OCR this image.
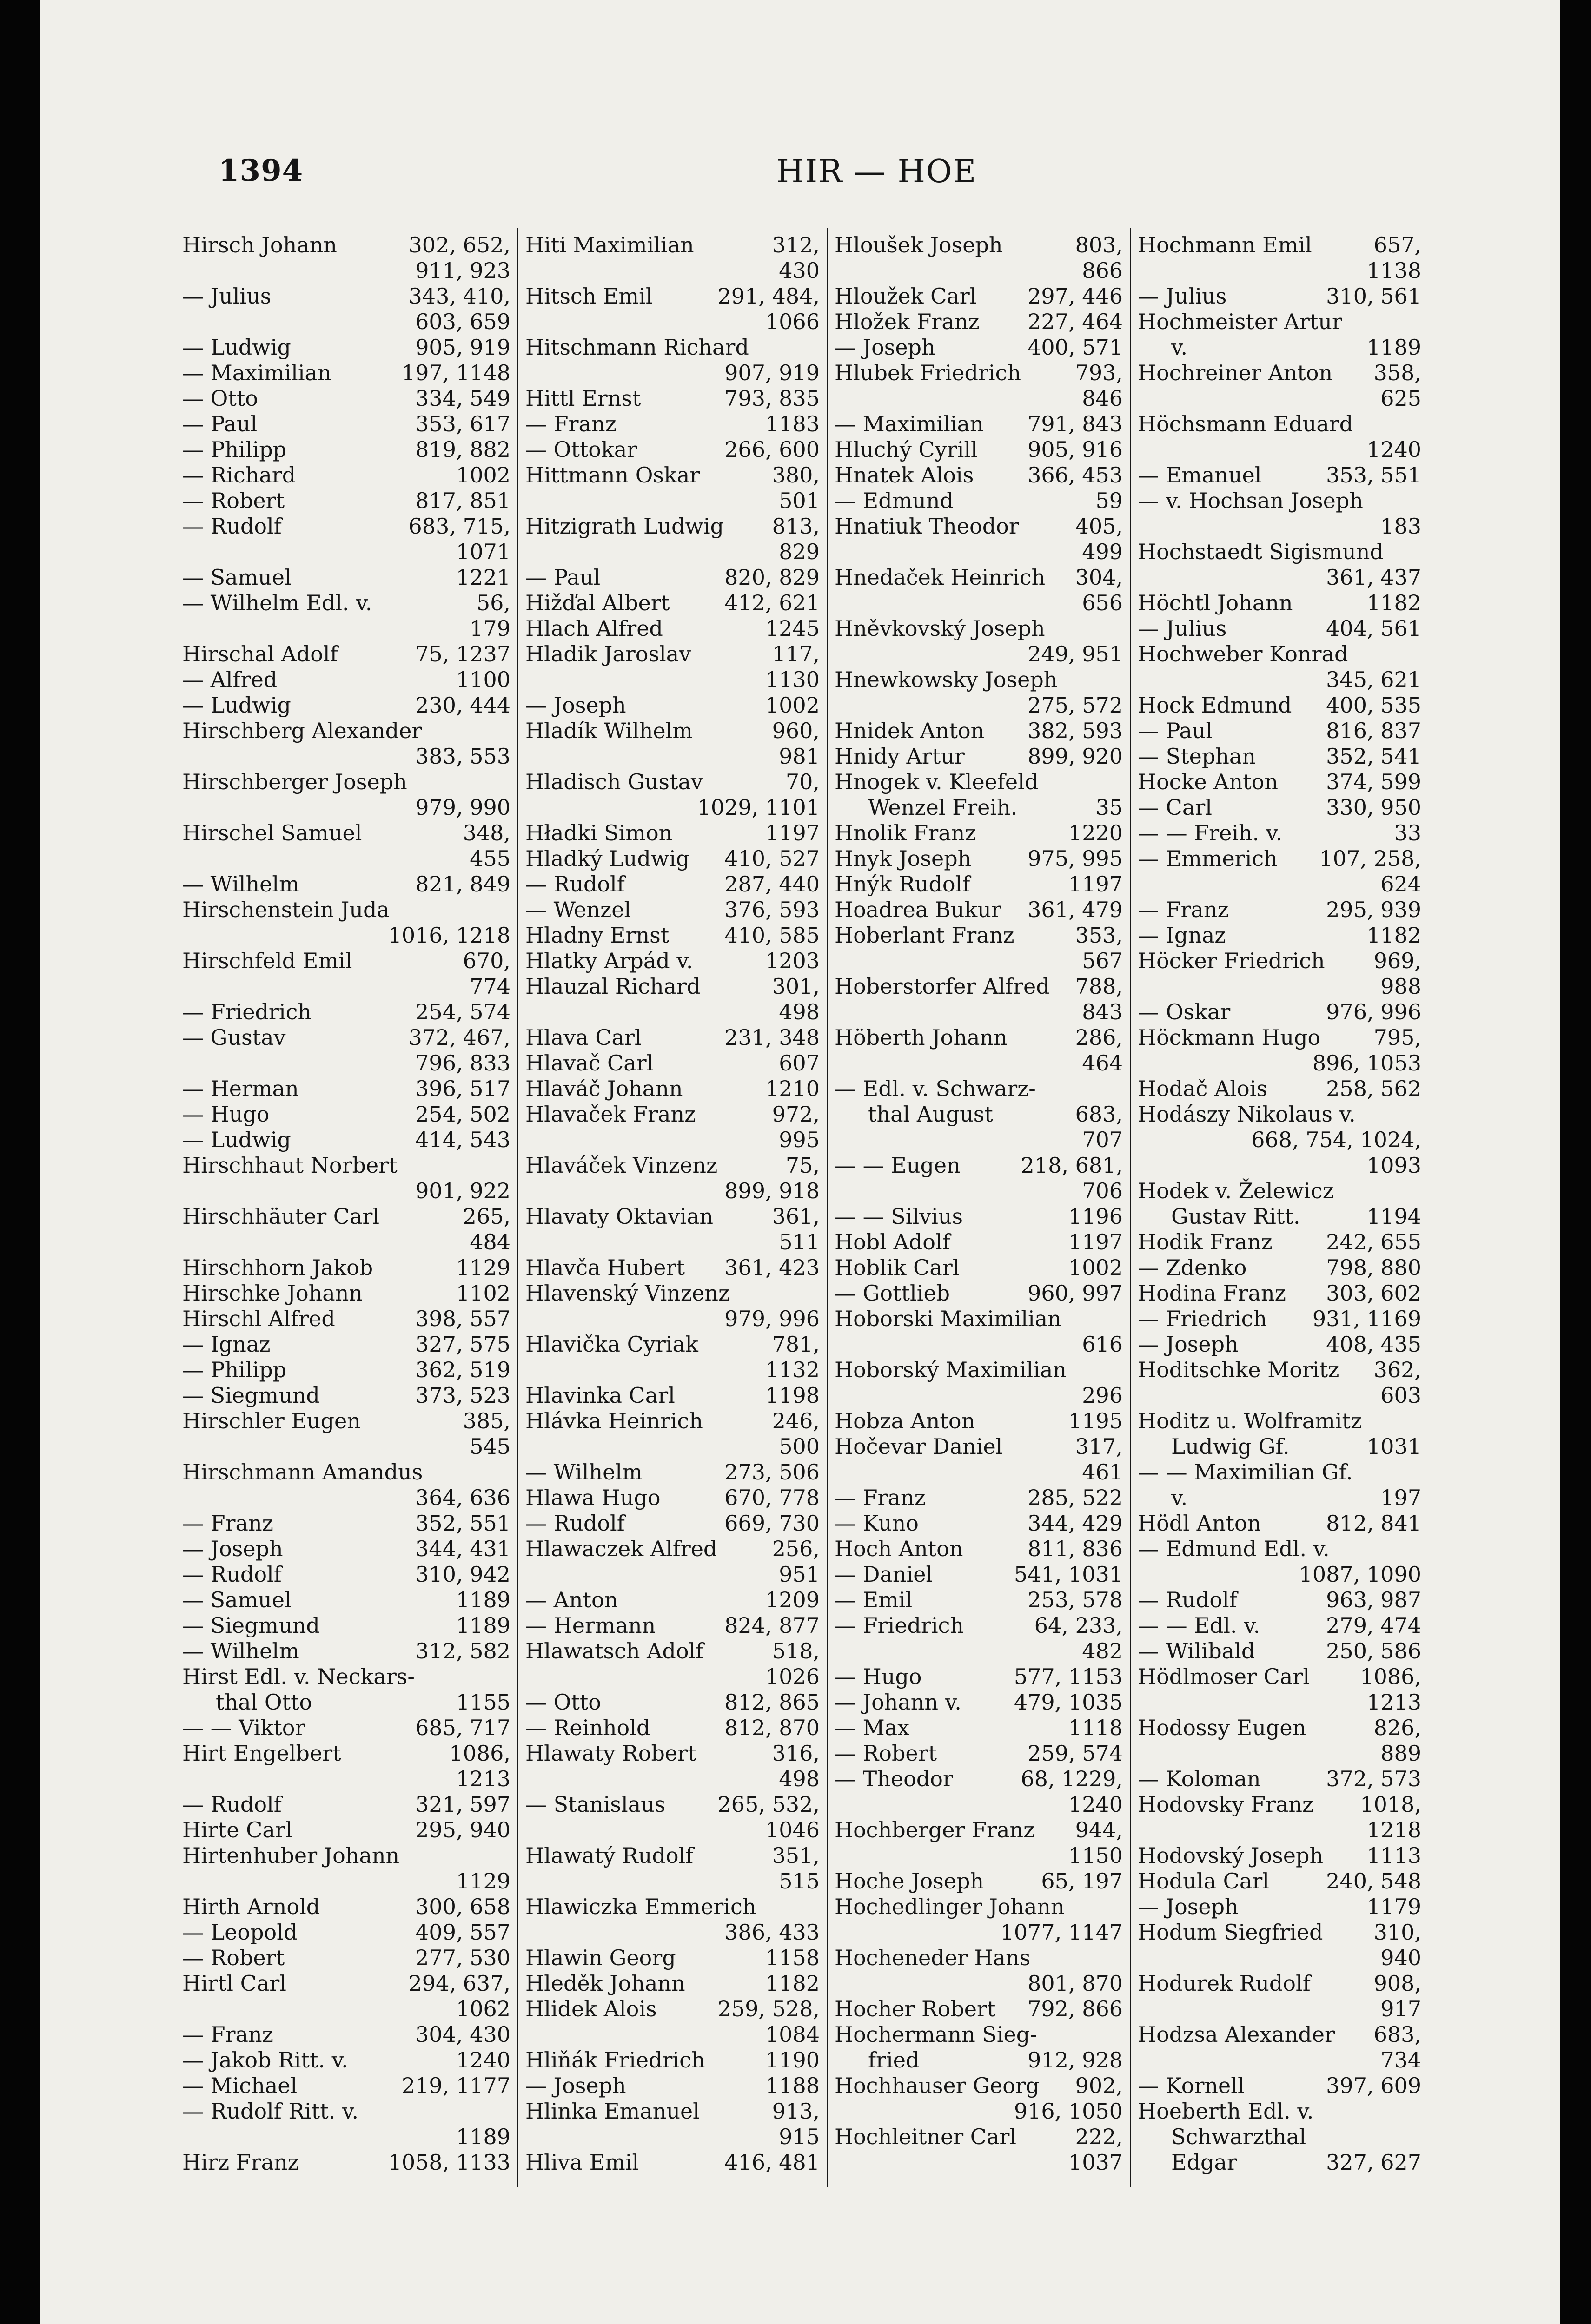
1394	HIR — HOE
Hirsch Johann	302, 652,
911, 923
— Julius	343, 410,
603, 659
— Ludwig	905, 919
— Maximilian	197, 1148
— Otto	334, 549
— Paul	353, 617
— Philipp	819, 882
— Richard	1002
— Robert	817, 851
— Rudolf	683, 715,
1071
— Samuel	1221
— Wilhelm Edl. v.	56,
179
Hirschal Adolf	75, 1237
— Alfred	1100
— Ludwig	230, 444
Hirschberg Alexander
383, 553
Hirschberger Joseph
979, 990
Hirschel Samuel	348,
455
— Wilhelm	821, 849
Hirschenstein Juda
1016, 1218
Hirschfeld Emil	670,
774
— Friedrich	254, 574
— Gustav	372, 467,
796, 833
— Herman	396, 517
— Hugo	254, 502
— Ludwig	414, 543
Hirschhaut Norbert
901, 922
Hirschhäuter Carl	265,
484
Hirschhorn Jakob	1129
Hirschke Johann	1102
Hirschl Alfred	398, 557
— Ignaz	327, 575
— Philipp	362, 519
— Siegmund	373, 523
Hirschler Eugen	385,
545
Hirschmann Amandus
364, 636
— Franz	352, 551
— Joseph	344, 431
— Rudolf	310, 942
— Samuel	1189
— Siegmund	1189
— Wilhelm	312, 582
Hirst Edl. v. Neckars-
thal Otto	1155
— — Viktor	685, 717
Hirt Engelbert	1086,
1213
— Rudolf	321, 597
Hirte Carl	295, 940
Hirtenhuber Johann
1129
Hirth Arnold	300, 658
— Leopold	409, 557
— Robert	277, 530
Hirtl Carl	294, 637,
1062
— Franz	304, 430
— Jakob Ritt. v.	1240
— Michael	219, 1177
— Rudolf Ritt. v.
1189
Hirz Franz	1058, 1133
Hiti Maximilian	312,
430
Hitsch Emil	291, 484,
1066
Hitschmann Richard
907, 919
Hittl Ernst	793, 835
— Franz	1183
— Ottokar	266, 600
Hittmann Oskar	380,
501
Hitzigrath Ludwig 813,
829
— Paul	820, 829
Hižďal Albert	412, 621
Hlach Alfred	1245
Hladik Jaroslav	117,
1130
— Joseph	1002
Hladík Wilhelm	960,
981
Hladisch Gustav	70,
1029, 1101
Hładki Simon	1197
Hladký Ludwig 410, 527
— Rudolf	287, 440
— Wenzel	376, 593
Hladny Ernst	410, 585
Hlatky Arpád v.	1203
Hlauzal Richard	301,
498
Hlava Carl	231, 348
Hlavač Carl	607
Hlaváč Johann	1210
Hlavaček Franz	972,
995
Hlaváček Vinzenz	75,
899, 918
Hlavaty Oktavian	361,
511
Hlavča Hubert 361, 423
Hlavenský Vinzenz
979, 996
Hlavička Cyriak	781,
1132
Hlavinka Carl	1198
Hlávka Heinrich	246,
500
— Wilhelm	273, 506
Hlawa Hugo	670, 778
— Rudolf	669, 730
Hlawaczek Alfred	256,
951
— Anton	1209
— Hermann	824, 877
Hlawatsch Adolf	518,
1026
— Otto	812, 865
— Reinhold	812, 870
Hlawaty Robert	316,
498
— Stanislaus 265, 532,
1046
Hlawatý Rudolf	351,
515
Hlawiczka Emmerich
386, 433
Hlawin Georg	1158
Hleděk Johann	1182
Hlidek Alois	259, 528,
1084
Hliňák Friedrich	1190
— Joseph	1188
Hlinka Emanuel	913,
915
Hliva Emil	416, 481
Hloušek Joseph	803,
866
Hloužek Carl 297, 446
Hložek Franz 227, 464
— Joseph	400, 571
Hlubek Friedrich	793,
846
— Maximilian 791, 843
Hluchý Cyrill 905, 916
Hnatek Alois	366, 453
— Edmund	59
Hnatiuk Theodor	405,
499
Hnedaček Heinrich 304,
656
Hněvkovský Joseph
249, 951
Hnewkowsky Joseph
275, 572
Hnidek Anton 382, 593
Hnidy Artur	899, 920
Hnogek v. Kleefeld
Wenzel Freih.	35
Hnolik Franz	1220
Hnyk Joseph	975, 995
Hnýk Rudolf	1197
Hoadrea Bukur 361, 479
Hoberlant Franz	353,
567
Hoberstorfer Alfred 788,
843
Höberth Johann	286,
464
— Edl. v. Schwarz-
thal August	683,
707
— — Eugen	218, 681,
706
— — Silvius	1196
Hobl Adolf	1197
Hoblik Carl	1002
— Gottlieb	960, 997
Hoborski Maximilian
616
Hoborský Maximilian
296
Hobza Anton	1195
Hočevar Daniel	317,
461
— Franz	285, 522
— Kuno	344, 429
Hoch Anton	811, 836
— Daniel	541, 1031
— Emil	253, 578
— Friedrich	64, 233,
482
— Hugo	577, 1153
— Johann v. 479, 1035
— Max	1118
— Robert	259, 574
— Theodor	68, 1229,
1240
Hochberger Franz 944,
1150
Hoche Joseph	65, 197
Hochedlinger Johann
1077, 1147
Hocheneder Hans
801, 870
Hocher Robert 792, 866
Hochermann Sieg-
fried	912, 928
Hochhauser Georg 902,
916, 1050
Hochleitner Carl	222,
1037
Hochmann Emil	657,
1138
— Julius	310, 561
Hochmeister Artur
v.	1189
Hochreiner Anton 358,
625
Höchsmann Eduard
1240
— Emanuel	353, 551
— v. Hochsan Joseph
183
Hochstaedt Sigismund
361, 437
Höchtl Johann	1182
— Julius	404, 561
Hochweber Konrad
345, 621
Hock Edmund 400, 535
— Paul	816, 837
— Stephan	352, 541
Hocke Anton 374, 599
— Carl	330, 950
— — Freih. v.	33
— Emmerich 107, 258,
624
— Franz	295, 939
— Ignaz	1182
Höcker Friedrich 969,
988
— Oskar	976, 996
Höckmann Hugo 795,
896, 1053
Hodač Alois	258, 562
Hodászy Nikolaus v.
668, 754, 1024,
1093
Hodek v. Želewicz
Gustav Ritt.	1194
Hodik Franz	242, 655
— Zdenko	798, 880
Hodina Franz 303, 602
— Friedrich 931, 1169
— Joseph	408, 435
Hoditschke Moritz 362,
603
Hoditz u. Wolframitz
Ludwig Gf.	1031
— — Maximilian Gf.
v.	197
Hödl Anton	812, 841
— Edmund Edl. v.
1087, 1090
— Rudolf	963, 987
— — Edl. v.	279, 474
— Wilibald	250, 586
Hödlmoser Carl 1086,
1213
Hodossy Eugen	826,
889
— Koloman	372, 573
Hodovsky Franz 1018,
1218
Hodovský Joseph 1113
Hodula Carl	240, 548
— Joseph	1179
Hodum Siegfried 310,
940
Hodurek Rudolf	908,
917
Hodzsa Alexander 683,
734
— Kornell	397, 609
Hoeberth Edl. v.
Schwarzthal
Edgar	327, 627
